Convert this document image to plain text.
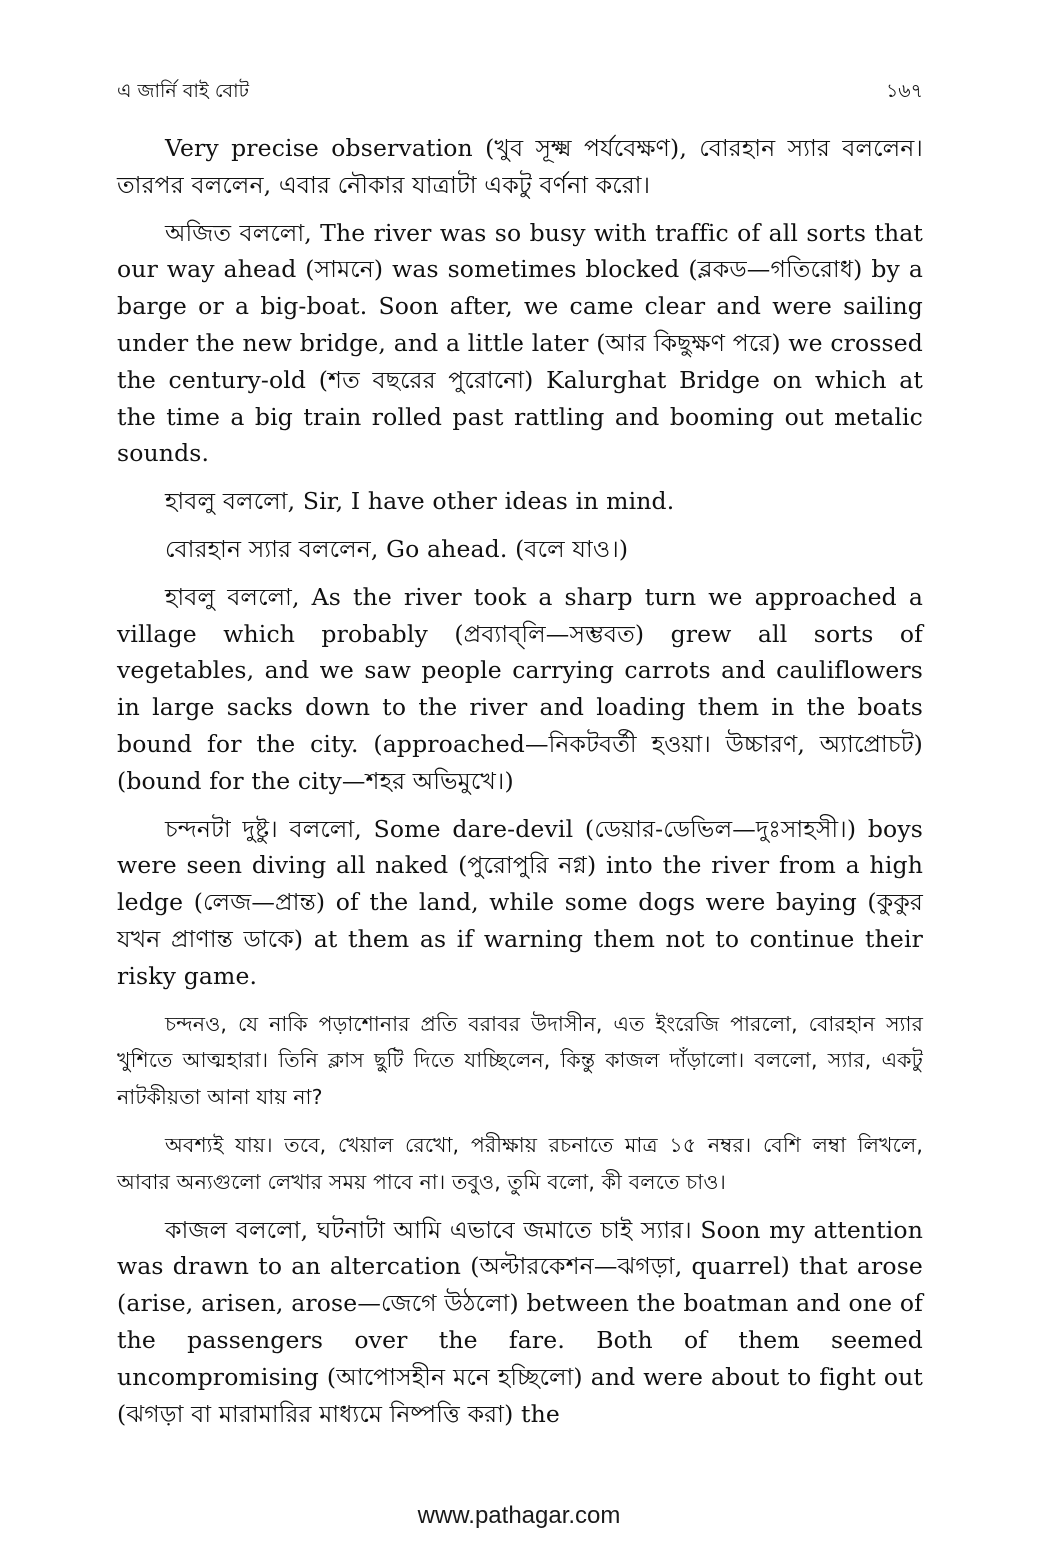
এ জার্নি বাই বোট	১৬৭

Very precise observation (খুব সূক্ষ্ম পর্যবেক্ষণ), বোরহান স্যার বললেন। তারপর বললেন, এবার নৌকার যাত্রাটা একটু বর্ণনা করো।

অজিত বললো, The river was so busy with traffic of all sorts that our way ahead (সামনে) was sometimes blocked (ব্লকড—গতিরোধ) by a barge or a big-boat. Soon after, we came clear and were sailing under the new bridge, and a little later (আর কিছুক্ষণ পরে) we crossed the century-old (শত বছরের পুরোনো) Kalurghat Bridge on which at the time a big train rolled past rattling and booming out metalic sounds.

হাবলু বললো, Sir, I have other ideas in mind.

বোরহান স্যার বললেন, Go ahead. (বলে যাও।)

হাবলু বললো, As the river took a sharp turn we approached a village which probably (প্রব্যাব্‌লি—সম্ভবত) grew all sorts of vegetables, and we saw people carrying carrots and cauliflowers in large sacks down to the river and loading them in the boats bound for the city. (approached—নিকটবর্তী হওয়া। উচ্চারণ, অ্যাপ্রোচট) (bound for the city—শহর অভিমুখে।)

চন্দনটা দুষ্টু। বললো, Some dare-devil (ডেয়ার-ডেভিল—দুঃসাহসী।) boys were seen diving all naked (পুরোপুরি নগ্ন) into the river from a high ledge (লেজ—প্রান্ত) of the land, while some dogs were baying (কুকুর যখন প্রাণান্ত ডাকে) at them as if warning them not to continue their risky game.

চন্দনও, যে নাকি পড়াশোনার প্রতি বরাবর উদাসীন, এত ইংরেজি পারলো, বোরহান স্যার খুশিতে আত্মহারা। তিনি ক্লাস ছুটি দিতে যাচ্ছিলেন, কিন্তু কাজল দাঁড়ালো। বললো, স্যার, একটু নাটকীয়তা আনা যায় না?

অবশ্যই যায়। তবে, খেয়াল রেখো, পরীক্ষায় রচনাতে মাত্র ১৫ নম্বর। বেশি লম্বা লিখলে, আবার অন্যগুলো লেখার সময় পাবে না। তবুও, তুমি বলো, কী বলতে চাও।

কাজল বললো, ঘটনাটা আমি এভাবে জমাতে চাই স্যার। Soon my attention was drawn to an altercation (অল্টারকেশন—ঝগড়া, quarrel) that arose (arise, arisen, arose—জেগে উঠলো) between the boatman and one of the passengers over the fare. Both of them seemed uncompromising (আপোসহীন মনে হচ্ছিলো) and were about to fight out (ঝগড়া বা মারামারির মাধ্যমে নিষ্পত্তি করা) the

www.pathagar.com
